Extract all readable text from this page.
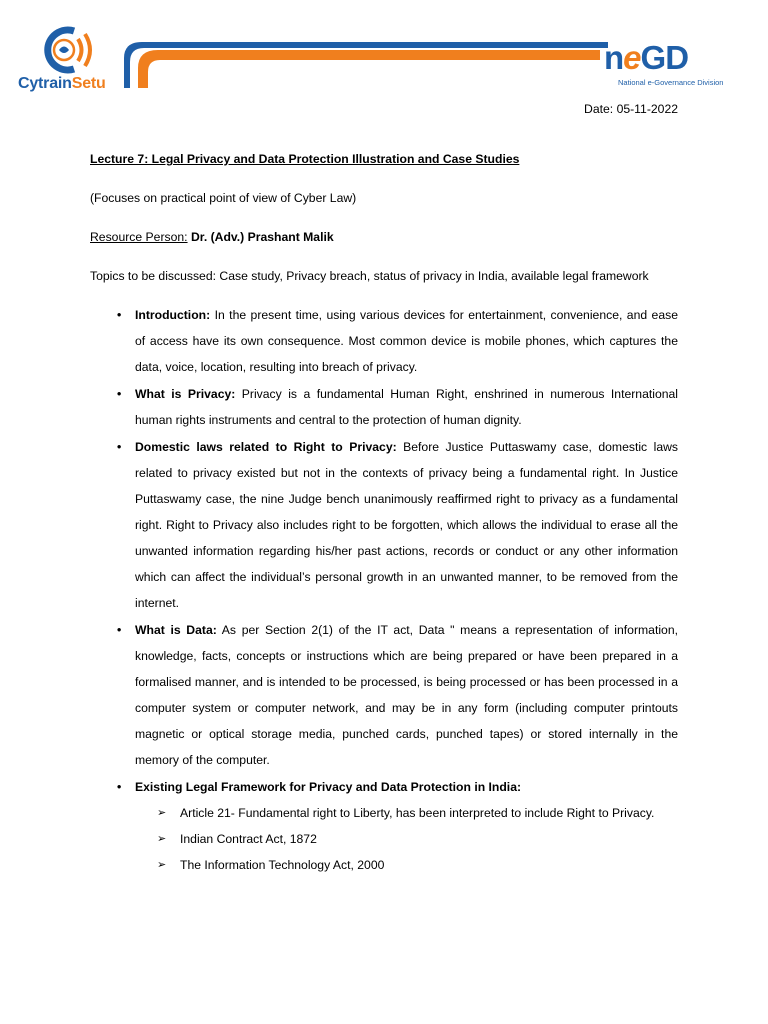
CytrainSetu
neGD
National e-Governance Division

Date: 05-11-2022

Lecture 7: Legal Privacy and Data Protection Illustration and Case Studies

(Focuses on practical point of view of Cyber Law)

Resource Person: Dr. (Adv.) Prashant Malik

Topics to be discussed: Case study, Privacy breach, status of privacy in India, available legal framework

• Introduction: In the present time, using various devices for entertainment, convenience, and ease of access have its own consequence. Most common device is mobile phones, which captures the data, voice, location, resulting into breach of privacy.
• What is Privacy: Privacy is a fundamental Human Right, enshrined in numerous International human rights instruments and central to the protection of human dignity.
• Domestic laws related to Right to Privacy: Before Justice Puttaswamy case, domestic laws related to privacy existed but not in the contexts of privacy being a fundamental right. In Justice Puttaswamy case, the nine Judge bench unanimously reaffirmed right to privacy as a fundamental right. Right to Privacy also includes right to be forgotten, which allows the individual to erase all the unwanted information regarding his/her past actions, records or conduct or any other information which can affect the individual’s personal growth in an unwanted manner, to be removed from the internet.
• What is Data: As per Section 2(1) of the IT act, Data " means a representation of information, knowledge, facts, concepts or instructions which are being prepared or have been prepared in a formalised manner, and is intended to be processed, is being processed or has been processed in a computer system or computer network, and may be in any form (including computer printouts magnetic or optical storage media, punched cards, punched tapes) or stored internally in the memory of the computer.
• Existing Legal Framework for Privacy and Data Protection in India:
➢ Article 21- Fundamental right to Liberty, has been interpreted to include Right to Privacy.
➢ Indian Contract Act, 1872
➢ The Information Technology Act, 2000
